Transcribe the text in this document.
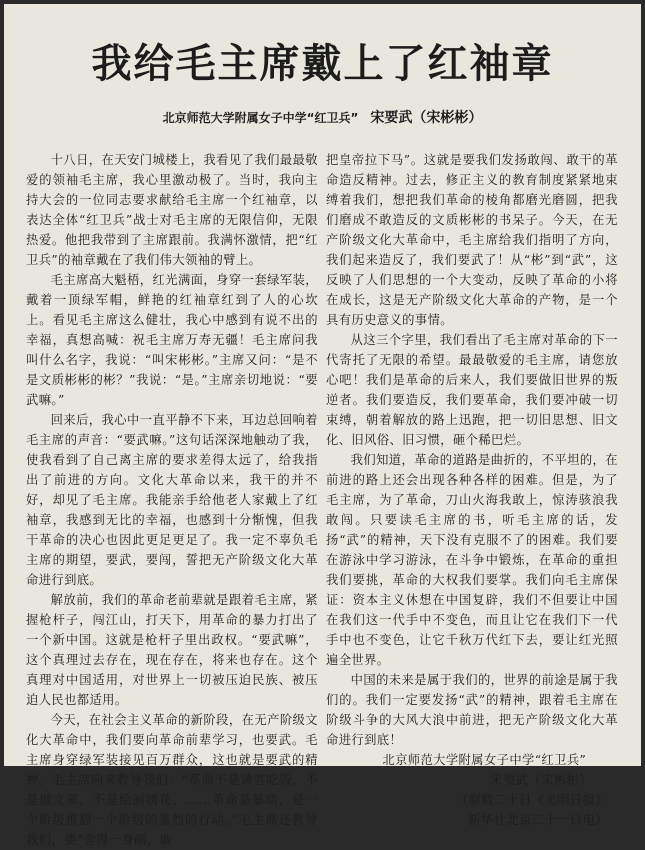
我给毛主席戴上了红袖章
北京师范大学附属女子中学“红卫兵” 宋要武（宋彬彬）

十八日，在天安门城楼上，我看见了我们最最敬爱的领袖毛主席，我心里激动极了。当时，我向主持大会的一位同志要求献给毛主席一个红袖章，以表达全体“红卫兵”战士对毛主席的无限信仰，无限热爱。他把我带到了主席跟前。我满怀激情，把“红卫兵”的袖章戴在了我们伟大领袖的臂上。

毛主席高大魁梧，红光满面，身穿一套绿军装，戴着一顶绿军帽，鲜艳的红袖章红到了人的心坎上。看见毛主席这么健壮，我心中感到有说不出的幸福，真想高喊：祝毛主席万寿无疆！毛主席问我叫什么名字，我说：“叫宋彬彬。”主席又问：“是不是文质彬彬的彬？”我说：“是。”主席亲切地说：“要武嘛。”

回来后，我心中一直平静不下来，耳边总回响着毛主席的声音：“要武嘛。”这句话深深地触动了我，使我看到了自己离主席的要求差得太远了，给我指出了前进的方向。文化大革命以来，我干的并不好，却见了毛主席。我能亲手给他老人家戴上了红袖章，我感到无比的幸福，也感到十分惭愧，但我干革命的决心也因此更足更足了。我一定不辜负毛主席的期望，要武，要闯，誓把无产阶级文化大革命进行到底。

解放前，我们的革命老前辈就是跟着毛主席，紧握枪杆子，闯江山，打天下，用革命的暴力打出了一个新中国。这就是枪杆子里出政权。“要武嘛”，这个真理过去存在，现在存在，将来也存在。这个真理对中国适用，对世界上一切被压迫民族、被压迫人民也都适用。

今天，在社会主义革命的新阶段，在无产阶级文化大革命中，我们要向革命前辈学习，也要武。毛主席身穿绿军装接见百万群众，这也就是要武的精神。毛主席向来教导我们：“革命不是请客吃饭，不是做文章，不是绘画绣花，……革命是暴动，是一个阶级推翻一个阶级的暴烈的行动。”毛主席还教导我们，要“舍得一身剐，敢

把皇帝拉下马”。这就是要我们发扬敢闯、敢干的革命造反精神。过去，修正主义的教育制度紧紧地束缚着我们，想把我们革命的棱角都磨光磨圆，把我们磨成不敢造反的文质彬彬的书呆子。今天，在无产阶级文化大革命中，毛主席给我们指明了方向，我们起来造反了，我们要武了！从“彬”到“武”，这反映了人们思想的一个大变动，反映了革命的小将在成长，这是无产阶级文化大革命的产物，是一个具有历史意义的事情。

从这三个字里，我们看出了毛主席对革命的下一代寄托了无限的希望。最最敬爱的毛主席，请您放心吧！我们是革命的后来人，我们要做旧世界的叛逆者。我们要造反，我们要革命，我们要冲破一切束缚，朝着解放的路上迅跑，把一切旧思想、旧文化、旧风俗、旧习惯，砸个稀巴烂。

我们知道，革命的道路是曲折的，不平坦的，在前进的路上还会出现各种各样的困难。但是，为了毛主席，为了革命，刀山火海我敢上，惊涛骇浪我敢闯。只要读毛主席的书，听毛主席的话，发扬“武”的精神，天下没有克服不了的困难。我们要在游泳中学习游泳，在斗争中锻炼，在革命的重担我们要挑，革命的大权我们要掌。我们向毛主席保证：资本主义休想在中国复辟，我们不但要让中国在我们这一代手中不变色，而且让它在我们下一代手中也不变色，让它千秋万代红下去，要让红光照遍全世界。

中国的未来是属于我们的，世界的前途是属于我们的。我们一定要发扬“武”的精神，跟着毛主席在阶级斗争的大风大浪中前进，把无产阶级文化大革命进行到底！

北京师范大学附属女子中学“红卫兵”

宋要武（宋彬彬）

（原载二十日《光明日报》

新华社北京二十一日电）
